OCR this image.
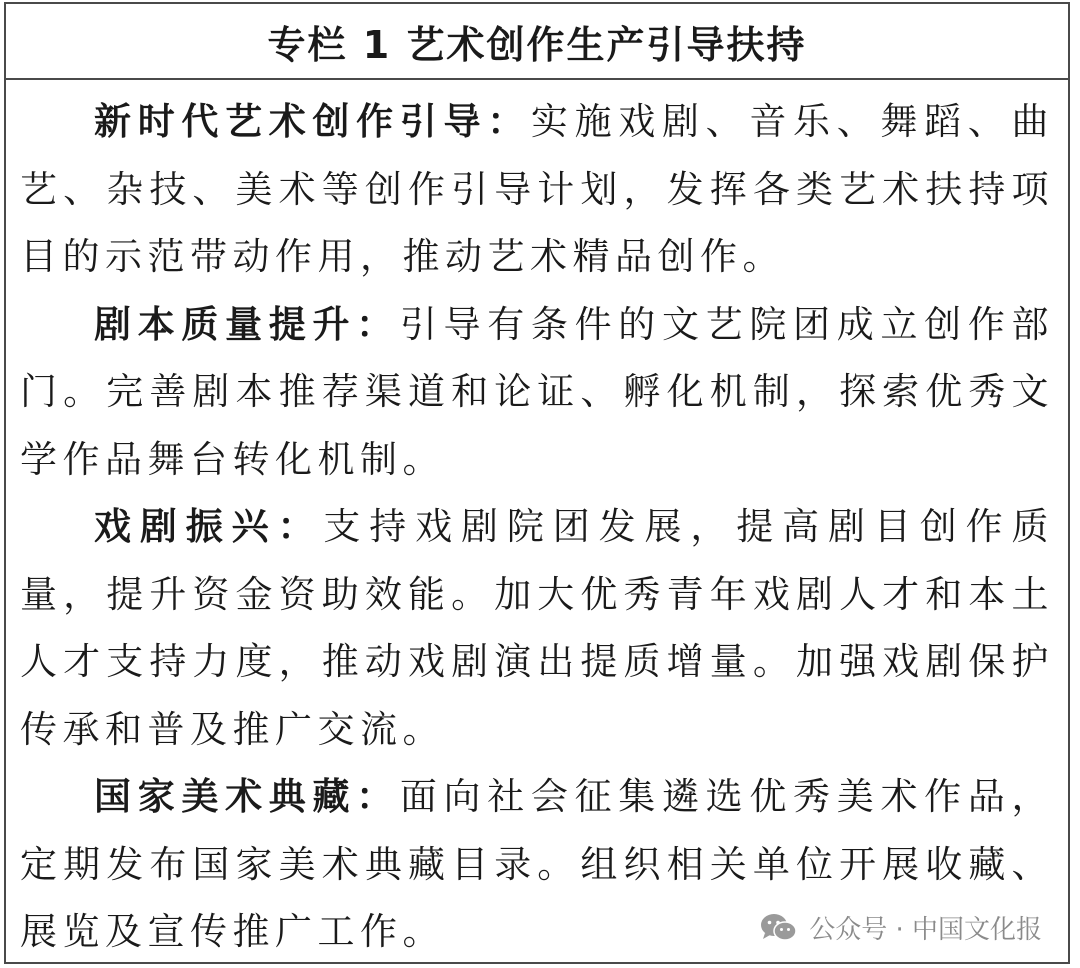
专栏 1 艺术创作生产引导扶持

新时代艺术创作引导：实施戏剧、音乐、舞蹈、曲艺、杂技、美术等创作引导计划，发挥各类艺术扶持项目的示范带动作用，推动艺术精品创作。

剧本质量提升：引导有条件的文艺院团成立创作部门。完善剧本推荐渠道和论证、孵化机制，探索优秀文学作品舞台转化机制。

戏剧振兴：支持戏剧院团发展，提高剧目创作质量，提升资金资助效能。加大优秀青年戏剧人才和本土人才支持力度，推动戏剧演出提质增量。加强戏剧保护传承和普及推广交流。

国家美术典藏：面向社会征集遴选优秀美术作品，定期发布国家美术典藏目录。组织相关单位开展收藏、展览及宣传推广工作。	公众号 · 中国文化报
